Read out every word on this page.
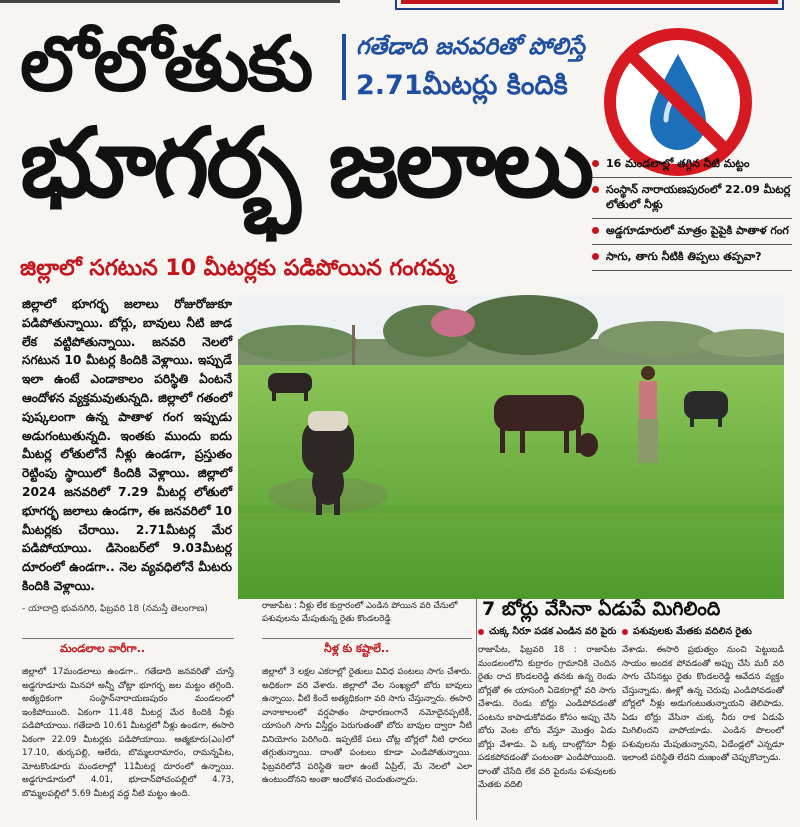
లోలోతుకు
భూగర్భ జలాలు
గతేడాది జనవరితో పోలిస్తే
2.71మీటర్లు కిందికి
16 మండలాల్లో తగ్గిన నీటి మట్టం
సంస్థాన్ నారాయణపురంలో 22.09 మీటర్ల లోతులో నీళ్లు
అడ్డగూడూరులో మాత్రం పైపైకి పాతాళ గంగ
సాగు, తాగు నీటికి తిప్పలు తప్పవా?
జిల్లాలో సగటున 10 మీటర్లకు పడిపోయిన గంగమ్మ
జిల్లాలో భూగర్భ జలాలు రోజురోజుకూ పడిపోతున్నాయి. బోర్లు, బావులు నీటి జాడ లేక వట్టిపోతున్నాయి. జనవరి నెలలో సగటున 10 మీటర్ల కిందికి వెళ్లాయి. ఇప్పుడే ఇలా ఉంటే ఎండాకాలం పరిస్థితి ఏంటనే ఆందోళన వ్యక్తమవుతున్నది. జిల్లాలో గతంలో పుష్కలంగా ఉన్న పాతాళ గంగ ఇప్పుడు అడుగంటుతున్నది. ఇంతకు ముందు ఐదు మీటర్ల లోతులోనే నీళ్లు ఉండగా, ప్రస్తుతం రెట్టింపు స్థాయిలో కిందికి వెళ్లాయి. జిల్లాలో 2024 జనవరిలో 7.29 మీటర్ల లోతులో భూగర్భ జలాలు ఉండగా, ఈ జనవరిలో 10 మీటర్లకు చేరాయి. 2.71మీటర్ల మేర పడిపోయాయి. డిసెంబర్‌లో 9.03మీటర్ల దూరంలో ఉండగా.. నెల వ్యవధిలోనే మీటరు కిందికి వెళ్లాయి.
- యాదాద్రి భువనగిరి, ఫిబ్రవరి 18 (నమస్తే తెలంగాణ)	రాజాపేట : నీళ్లు లేక కుర్రారంలో ఎండిన పోయిన వరి చేనులో పశువులను మేపుతున్న రైతు కొండలరెడ్డి	7 బోర్లు వేసినా ఏడుపే మిగిలింది
చుక్క నీరూ పడక ఎండిన వరి పైరు	పశువులకు మేతకు వదిలిన రైతు
మండలాల వారీగా..	నీళ్ల కు కష్టాలే..
జిల్లాలో 17మండలాలు ఉండగా.. గతేడాది జనవరితో చూస్తే అడ్డగూడూరు మినహా అన్నీ చోట్లా భూగర్భ జల మట్టం తగ్గింది. అత్యధికంగా సంస్థాన్‌నారాయణపురం మండలంలో ఇంకిపోయింది. ఏకంగా 11.48 మీటర్ల మేర కిందికి నీళ్లు పడిపోయాయి. గతేడాది 10.61 మీటర్లలో నీళ్లు ఉండగా, ఈసారి ఏకంగా 22.09 మీటర్లకు పడిపోయాయి. ఆత్మకూరు(ఎం)లో 17.10, తుర్కపల్లి, ఆలేరు, బొమ్మలరామారం, రామన్నపేట, మోటకొండూరు మండలాల్లో 11మీటర్ల దూరంలో ఉన్నాయి. అడ్డగూడూరులో 4.01, భూదాన్‌పోచంపల్లిలో 4.73, బొమ్మలపల్లిలో 5.69 మీటర్ల వద్ద నీటి మట్టం ఉంది.
జిల్లాలో 3 లక్షల ఎకరాల్లో రైతులు వివిధ పంటలు సాగు చేశారు. అధికంగా వరి వేశారు. జిల్లాలో వేల సంఖ్యలో బోరు బావులు ఉన్నాయి. వీటి కిందే అత్యధికంగా వరి సాగు చేస్తున్నారు. ఈసారి వానాకాలంలో వర్షపాతం సాధారణంగానే నమోదైనప్పటికీ, యాసంగి సాగు విస్తీర్ణం పెరుగుతంతో బోరు బావుల ద్వారా నీటి వినియోగం పెరిగింది. ఇప్పటికే పలు చోట్ల బోర్లలో నీటి ధారలు తగ్గుతున్నాయి. దాంతో పంటలు కూడా ఎండిపోతున్నాయి. ఫిబ్రవరిలోనే పరిస్థితి ఇలా ఉంటే ఏప్రిల్, మే నెలలో ఎలా ఉంటుందోనని అంతా ఆందోళన చెందుతున్నారు.
రాజాపేట, ఫిబ్రవరి 18 : రాజాపేట మండలంలోని కుర్రారం గ్రామానికి చెందిన రైతు రాచ కొండలరెడ్డి తనకు ఉన్న రెండు బోర్లతో ఈ యాసంగి ఏడెకరాల్లో వరి సాగు చేశాడు. రెండు బోర్లు ఎండిపోవడంతో పంటను కాపాడుకోవడం కోసం అప్పు చేసి బోరు వెంట బోరు వేస్తూ మొత్తం ఏడు బోర్లు వేశాడు. ఏ ఒక్క దాంట్లోనూ నీళ్లు పడకపోవడంతో పంటంతా ఎండిపోయింది. దాంతో చేసేది లేక వరి పైరును పశువులకు మేతకు వదిలి
వేశాడు. ఈసారి ప్రభుత్వం నుంచి పెట్టుబడి సాయం అందక పోవడంతో అప్పు చేసి మరీ వరి సాగు చేసినట్లు రైతు కొండలరెడ్డి ఆవేదన వ్యక్తం చేస్తున్నాడు. ఊళ్లో ఉన్న చెరువు ఎండిపోవడంతో బోర్లలో నీళ్లు అడుగంటుతున్నాయని తెలిపాడు. ఏడు బోర్లు వేసినా చుక్క నీరు రాక ఏడుపే మిగిలిందని వాపోయాడు. ఎండిన పొలంలో పశువులను మేపుతున్నానని, ఏడేండ్లలో ఎన్నడూ ఇలాంటి పరిస్థితి లేదని దుఃఖంతో చెప్పుకొచ్చాడు.
